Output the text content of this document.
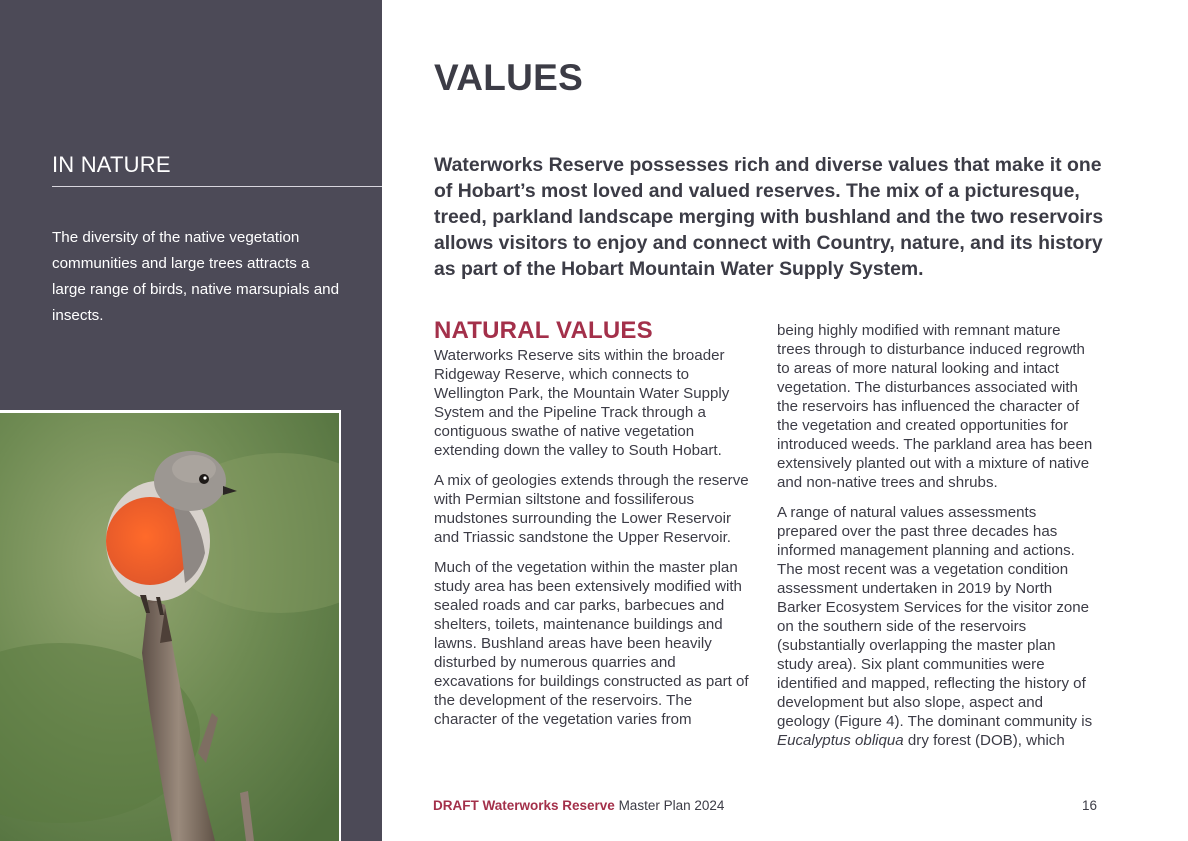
IN NATURE
The diversity of the native vegetation communities and large trees attracts a large range of birds, native marsupials and insects.
VALUES

Waterworks Reserve possesses rich and diverse values that make it one of Hobart’s most loved and valued reserves. The mix of a picturesque, treed, parkland landscape merging with bushland and the two reservoirs allows visitors to enjoy and connect with Country, nature, and its history as part of the Hobart Mountain Water Supply System.

NATURAL VALUES

Waterworks Reserve sits within the broader Ridgeway Reserve, which connects to Wellington Park, the Mountain Water Supply System and the Pipeline Track through a contiguous swathe of native vegetation extending down the valley to South Hobart.

A mix of geologies extends through the reserve with Permian siltstone and fossiliferous mudstones surrounding the Lower Reservoir and Triassic sandstone the Upper Reservoir.

Much of the vegetation within the master plan study area has been extensively modified with sealed roads and car parks, barbecues and shelters, toilets, maintenance buildings and lawns. Bushland areas have been heavily disturbed by numerous quarries and excavations for buildings constructed as part of the development of the reservoirs. The character of the vegetation varies from

being highly modified with remnant mature trees through to disturbance induced regrowth to areas of more natural looking and intact vegetation. The disturbances associated with the reservoirs has influenced the character of the vegetation and created opportunities for introduced weeds. The parkland area has been extensively planted out with a mixture of native and non-native trees and shrubs.

A range of natural values assessments prepared over the past three decades has informed management planning and actions. The most recent was a vegetation condition assessment undertaken in 2019 by North Barker Ecosystem Services for the visitor zone on the southern side of the reservoirs (substantially overlapping the master plan study area). Six plant communities were identified and mapped, reflecting the history of development but also slope, aspect and geology (Figure 4). The dominant community is Eucalyptus obliqua dry forest (DOB), which

DRAFT Waterworks Reserve Master Plan 2024	16
